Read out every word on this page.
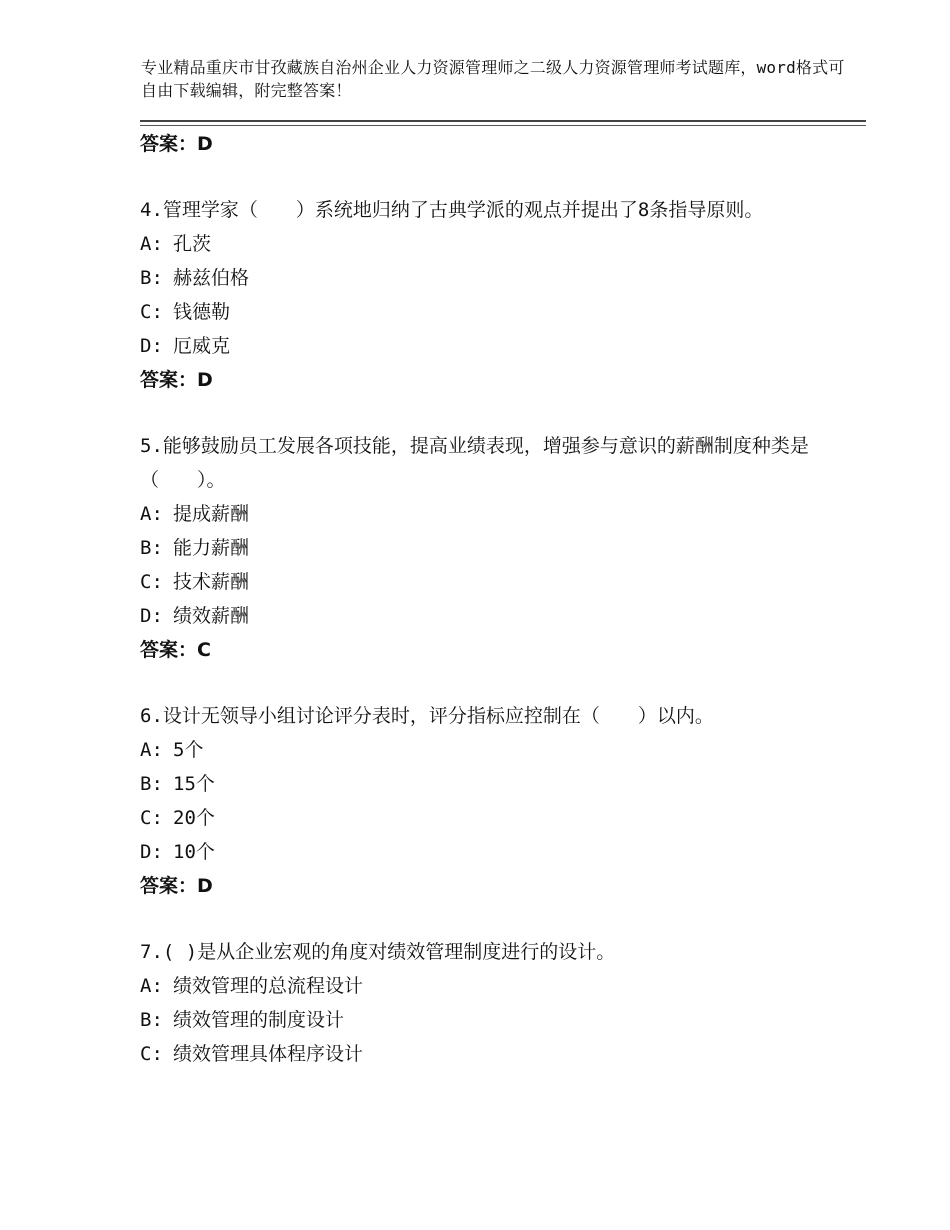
专业精品重庆市甘孜藏族自治州企业人力资源管理师之二级人力资源管理师考试题库，word格式可自由下载编辑，附完整答案！

答案：D

4.管理学家（　　）系统地归纳了古典学派的观点并提出了8条指导原则。

A: 孔茨

B: 赫兹伯格

C: 钱德勒

D: 厄威克

答案：D

5.能够鼓励员工发展各项技能，提高业绩表现，增强参与意识的薪酬制度种类是（　　）。

A: 提成薪酬

B: 能力薪酬

C: 技术薪酬

D: 绩效薪酬

答案：C

6.设计无领导小组讨论评分表时，评分指标应控制在（　　）以内。

A: 5个

B: 15个

C: 20个

D: 10个

答案：D

7.( )是从企业宏观的角度对绩效管理制度进行的设计。

A: 绩效管理的总流程设计

B: 绩效管理的制度设计

C: 绩效管理具体程序设计
